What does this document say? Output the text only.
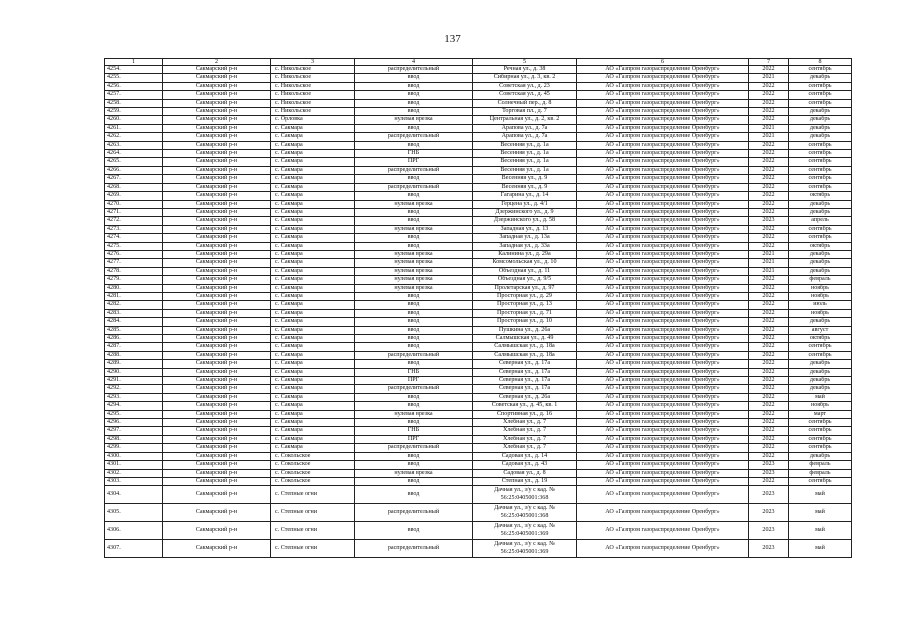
137
1	2	3	4	5	6	7	8
4254.	Сакмарский р-н	с. Никольское	распределительный	Речная ул., д. 38	АО «Газпром газораспределение Оренбург»	2022	сентябрь
4255.	Сакмарский р-н	с. Никольское	ввод	Сибирная ул., д. 3, кв. 2	АО «Газпром газораспределение Оренбург»	2021	декабрь
4256.	Сакмарский р-н	с. Никольское	ввод	Советская ул., д. 23	АО «Газпром газораспределение Оренбург»	2022	сентябрь
4257.	Сакмарский р-н	с. Никольское	ввод	Советская ул., д. 45	АО «Газпром газораспределение Оренбург»	2022	сентябрь
4258.	Сакмарский р-н	с. Никольское	ввод	Солнечный пер., д. 8	АО «Газпром газораспределение Оренбург»	2022	сентябрь
4259.	Сакмарский р-н	с. Никольское	ввод	Торговая пл., д. 7	АО «Газпром газораспределение Оренбург»	2022	декабрь
4260.	Сакмарский р-н	с. Орловка	нулевая врезка	Центральная ул., д. 2, кв. 2	АО «Газпром газораспределение Оренбург»	2022	декабрь
4261.	Сакмарский р-н	с. Сакмара	ввод	Арапова ул., д. 7а	АО «Газпром газораспределение Оренбург»	2021	декабрь
4262.	Сакмарский р-н	с. Сакмара	распределительный	Арапова ул., д. 7а	АО «Газпром газораспределение Оренбург»	2021	декабрь
4263.	Сакмарский р-н	с. Сакмара	ввод	Весенняя ул., д. 1а	АО «Газпром газораспределение Оренбург»	2022	сентябрь
4264.	Сакмарский р-н	с. Сакмара	ГНБ	Весенняя ул., д. 1а	АО «Газпром газораспределение Оренбург»	2022	сентябрь
4265.	Сакмарский р-н	с. Сакмара	ПРГ	Весенняя ул., д. 1а	АО «Газпром газораспределение Оренбург»	2022	сентябрь
4266.	Сакмарский р-н	с. Сакмара	распределительный	Весенняя ул., д. 1а	АО «Газпром газораспределение Оренбург»	2022	сентябрь
4267.	Сакмарский р-н	с. Сакмара	ввод	Весенняя ул., д. 9	АО «Газпром газораспределение Оренбург»	2022	сентябрь
4268.	Сакмарский р-н	с. Сакмара	распределительный	Весенняя ул., д. 9	АО «Газпром газораспределение Оренбург»	2022	сентябрь
4269.	Сакмарский р-н	с. Сакмара	ввод	Гагарина ул., д. 14	АО «Газпром газораспределение Оренбург»	2022	октябрь
4270.	Сакмарский р-н	с. Сакмара	нулевая врезка	Герцена ул., д. 4/1	АО «Газпром газораспределение Оренбург»	2022	декабрь
4271.	Сакмарский р-н	с. Сакмара	ввод	Дзержинского ул., д. 9	АО «Газпром газораспределение Оренбург»	2022	декабрь
4272.	Сакмарский р-н	с. Сакмара	ввод	Дзержинского ул., д. 58	АО «Газпром газораспределение Оренбург»	2023	апрель
4273.	Сакмарский р-н	с. Сакмара	нулевая врезка	Западная ул., д. 13	АО «Газпром газораспределение Оренбург»	2022	сентябрь
4274.	Сакмарский р-н	с. Сакмара	ввод	Западная ул., д. 13а	АО «Газпром газораспределение Оренбург»	2022	сентябрь
4275.	Сакмарский р-н	с. Сакмара	ввод	Западная ул., д. 33а	АО «Газпром газораспределение Оренбург»	2022	октябрь
4276.	Сакмарский р-н	с. Сакмара	нулевая врезка	Калинина ул., д. 29а	АО «Газпром газораспределение Оренбург»	2021	декабрь
4277.	Сакмарский р-н	с. Сакмара	нулевая врезка	Комсомольская ул., д. 10	АО «Газпром газораспределение Оренбург»	2021	декабрь
4278.	Сакмарский р-н	с. Сакмара	нулевая врезка	Объездная ул., д. 11	АО «Газпром газораспределение Оренбург»	2021	декабрь
4279.	Сакмарский р-н	с. Сакмара	нулевая врезка	Объездная ул., д. 9/5	АО «Газпром газораспределение Оренбург»	2022	февраль
4280.	Сакмарский р-н	с. Сакмара	нулевая врезка	Пролетарская ул., д. 97	АО «Газпром газораспределение Оренбург»	2022	ноябрь
4281.	Сакмарский р-н	с. Сакмара	ввод	Просторная ул., д. 29	АО «Газпром газораспределение Оренбург»	2022	ноябрь
4282.	Сакмарский р-н	с. Сакмара	ввод	Просторная ул., д. 13	АО «Газпром газораспределение Оренбург»	2022	июль
4283.	Сакмарский р-н	с. Сакмара	ввод	Просторная ул., д. 71	АО «Газпром газораспределение Оренбург»	2022	ноябрь
4284.	Сакмарский р-н	с. Сакмара	ввод	Просторная ул., д. 10	АО «Газпром газораспределение Оренбург»	2022	декабрь
4285.	Сакмарский р-н	с. Сакмара	ввод	Пушкина ул., д. 26а	АО «Газпром газораспределение Оренбург»	2022	август
4286.	Сакмарский р-н	с. Сакмара	ввод	Салмышская ул., д. 49	АО «Газпром газораспределение Оренбург»	2022	октябрь
4287.	Сакмарский р-н	с. Сакмара	ввод	Салмышская ул., д. 18а	АО «Газпром газораспределение Оренбург»	2022	сентябрь
4288.	Сакмарский р-н	с. Сакмара	распределительный	Салмышская ул., д. 18а	АО «Газпром газораспределение Оренбург»	2022	сентябрь
4289.	Сакмарский р-н	с. Сакмара	ввод	Северная ул., д. 17а	АО «Газпром газораспределение Оренбург»	2022	декабрь
4290.	Сакмарский р-н	с. Сакмара	ГНБ	Северная ул., д. 17а	АО «Газпром газораспределение Оренбург»	2022	декабрь
4291.	Сакмарский р-н	с. Сакмара	ПРГ	Северная ул., д. 17а	АО «Газпром газораспределение Оренбург»	2022	декабрь
4292.	Сакмарский р-н	с. Сакмара	распределительный	Северная ул., д. 17а	АО «Газпром газораспределение Оренбург»	2022	декабрь
4293.	Сакмарский р-н	с. Сакмара	ввод	Северная ул., д. 26а	АО «Газпром газораспределение Оренбург»	2022	май
4294.	Сакмарский р-н	с. Сакмара	ввод	Советская ул., д. 45, кв. 1	АО «Газпром газораспределение Оренбург»	2022	ноябрь
4295.	Сакмарский р-н	с. Сакмара	нулевая врезка	Спортивная ул., д. 16	АО «Газпром газораспределение Оренбург»	2022	март
4296.	Сакмарский р-н	с. Сакмара	ввод	Хлебная ул., д. 7	АО «Газпром газораспределение Оренбург»	2022	сентябрь
4297.	Сакмарский р-н	с. Сакмара	ГНБ	Хлебная ул., д. 7	АО «Газпром газораспределение Оренбург»	2022	сентябрь
4298.	Сакмарский р-н	с. Сакмара	ПРГ	Хлебная ул., д. 7	АО «Газпром газораспределение Оренбург»	2022	сентябрь
4299.	Сакмарский р-н	с. Сакмара	распределительный	Хлебная ул., д. 7	АО «Газпром газораспределение Оренбург»	2022	сентябрь
4300.	Сакмарский р-н	с. Сокольское	ввод	Садовая ул., д. 14	АО «Газпром газораспределение Оренбург»	2022	декабрь
4301.	Сакмарский р-н	с. Сокольское	ввод	Садовая ул., д. 43	АО «Газпром газораспределение Оренбург»	2023	февраль
4302.	Сакмарский р-н	с. Сокольское	нулевая врезка	Садовая ул., д. 8	АО «Газпром газораспределение Оренбург»	2023	февраль
4303.	Сакмарский р-н	с. Сокольское	ввод	Степная ул., д. 19	АО «Газпром газораспределение Оренбург»	2022	сентябрь
4304.	Сакмарский р-н	с. Степные огни	ввод	Дачная ул., з/у с кад. № 56:25:0405001:368	АО «Газпром газораспределение Оренбург»	2023	май
4305.	Сакмарский р-н	с. Степные огни	распределительный	Дачная ул., з/у с кад. № 56:25:0405001:368	АО «Газпром газораспределение Оренбург»	2023	май
4306.	Сакмарский р-н	с. Степные огни	ввод	Дачная ул., з/у с кад. № 56:25:0405001:369	АО «Газпром газораспределение Оренбург»	2023	май
4307.	Сакмарский р-н	с. Степные огни	распределительный	Дачная ул., з/у с кад. № 56:25:0405001:369	АО «Газпром газораспределение Оренбург»	2023	май
